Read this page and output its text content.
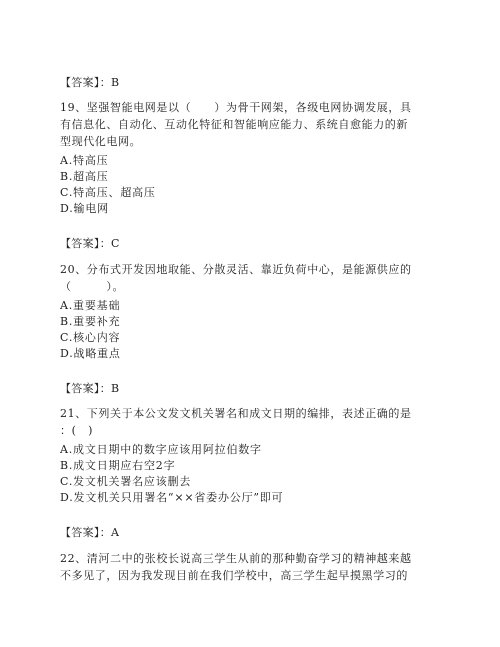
【答案】：B
19、坚强智能电网是以（　　）为骨干网架，各级电网协调发展，具
有信息化、自动化、互动化特征和智能响应能力、系统自愈能力的新
型现代化电网。
A.特高压
B.超高压
C.特高压、超高压
D.输电网
【答案】：C
20、分布式开发因地取能、分散灵活、靠近负荷中心，是能源供应的
（　　　）。
A.重要基础
B.重要补充
C.核心内容
D.战略重点
【答案】：B
21、下列关于本公文发文机关署名和成文日期的编排，表述正确的是
：(　)
A.成文日期中的数字应该用阿拉伯数字
B.成文日期应右空2字
C.发文机关署名应该删去
D.发文机关只用署名“××省委办公厅”即可
【答案】：A
22、清河二中的张校长说高三学生从前的那种勤奋学习的精神越来越
不多见了，因为我发现目前在我们学校中，高三学生起早摸黑学习的
